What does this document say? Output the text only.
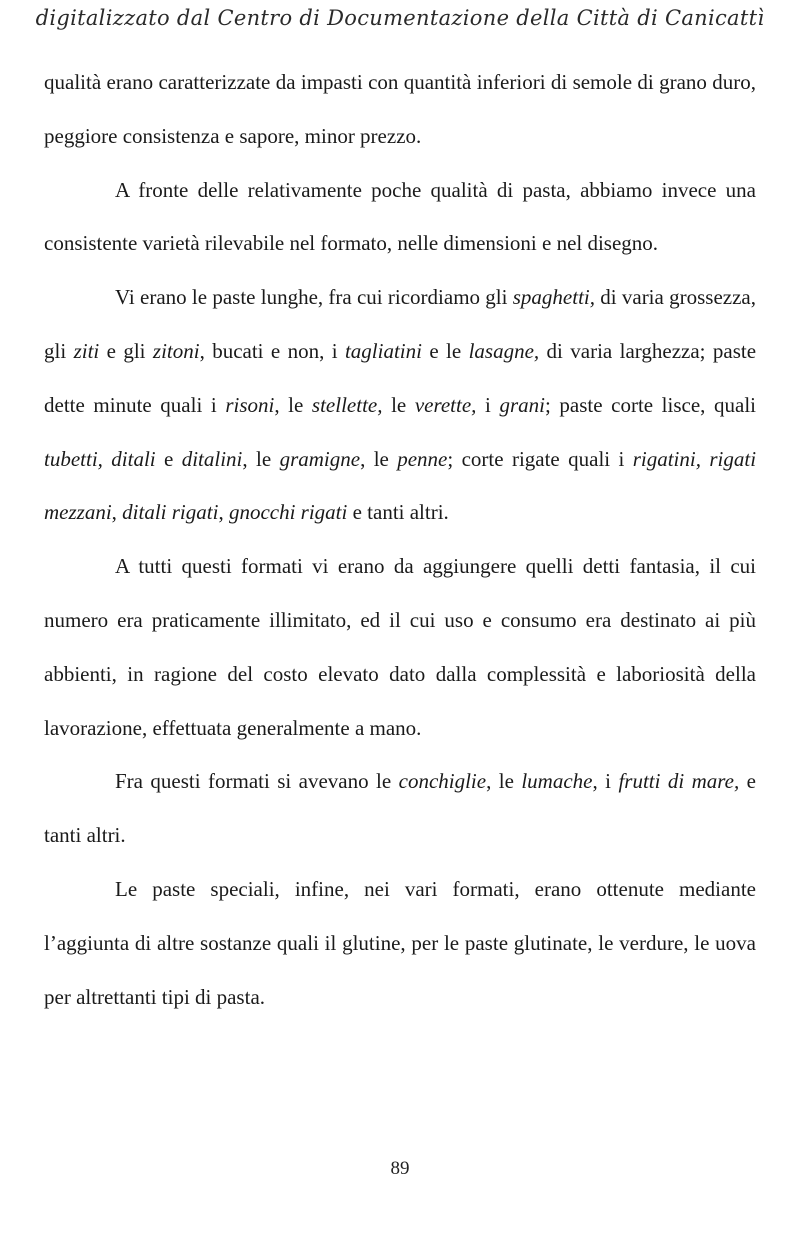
digitalizzato dal Centro di Documentazione della Città di Canicattì

qualità erano caratterizzate da impasti con quantità inferiori di semole di grano duro, peggiore consistenza e sapore, minor prezzo.

A fronte delle relativamente poche qualità di pasta, abbiamo invece una consistente varietà rilevabile nel formato, nelle dimensioni e nel disegno.

Vi erano le paste lunghe, fra cui ricordiamo gli spaghetti, di varia grossezza, gli ziti e gli zitoni, bucati e non, i tagliatini e le lasagne, di varia larghezza; paste dette minute quali i risoni, le stellette, le verette, i grani; paste corte lisce, quali tubetti, ditali e ditalini, le gramigne, le penne; corte rigate quali i rigatini, rigati mezzani, ditali rigati, gnocchi rigati e tanti altri.

A tutti questi formati vi erano da aggiungere quelli detti fantasia, il cui numero era praticamente illimitato, ed il cui uso e consumo era destinato ai più abbienti, in ragione del costo elevato dato dalla complessità e laboriosità della lavorazione, effettuata generalmente a mano.

Fra questi formati si avevano le conchiglie, le lumache, i frutti di mare, e tanti altri.

Le paste speciali, infine, nei vari formati, erano ottenute mediante l’aggiunta di altre sostanze quali il glutine, per le paste glutinate, le verdure, le uova per altrettanti tipi di pasta.

89
